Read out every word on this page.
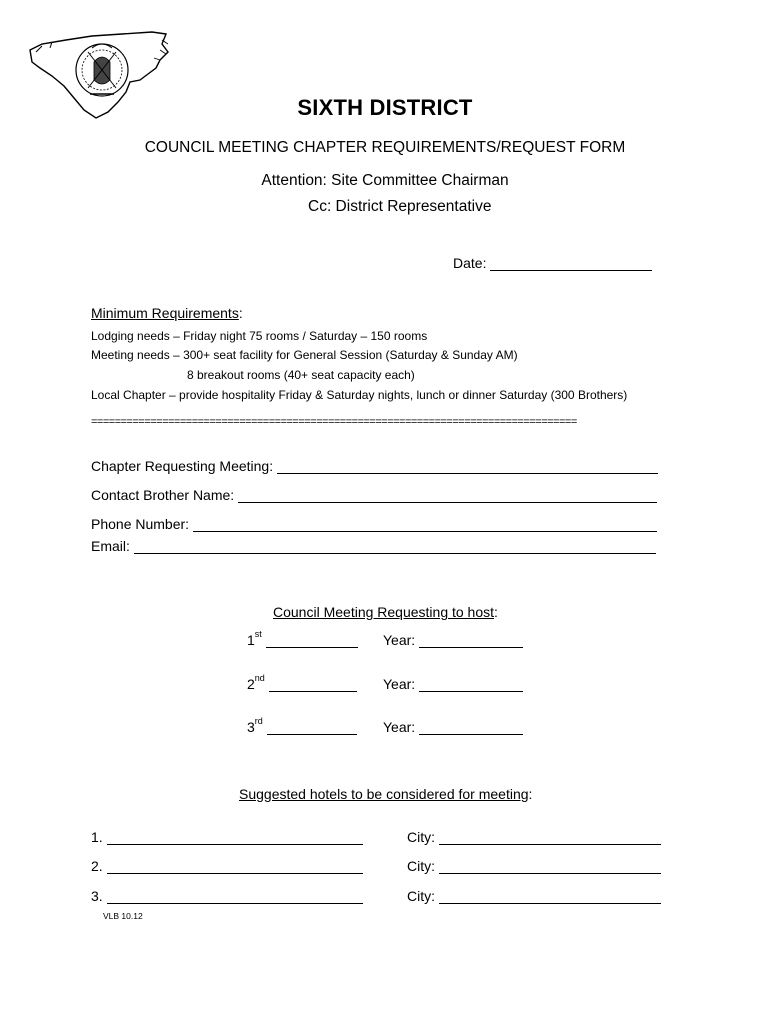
SIXTH DISTRICT
COUNCIL MEETING CHAPTER REQUIREMENTS/REQUEST FORM
Attention: Site Committee Chairman
Cc: District Representative
Date:
Minimum Requirements:
Lodging needs – Friday night 75 rooms / Saturday – 150 rooms
Meeting needs – 300+ seat facility for General Session (Saturday & Sunday AM)
8 breakout rooms (40+ seat capacity each)
Local Chapter – provide hospitality Friday & Saturday nights, lunch or dinner Saturday (300 Brothers)
==================================================================================
Chapter Requesting Meeting:
Contact Brother Name:
Phone Number:
Email:
Council Meeting Requesting to host:
1st	Year:
2nd	Year:
3rd	Year:
Suggested hotels to be considered for meeting:
1.	City:
2.	City:
3.	City:
VLB 10.12
